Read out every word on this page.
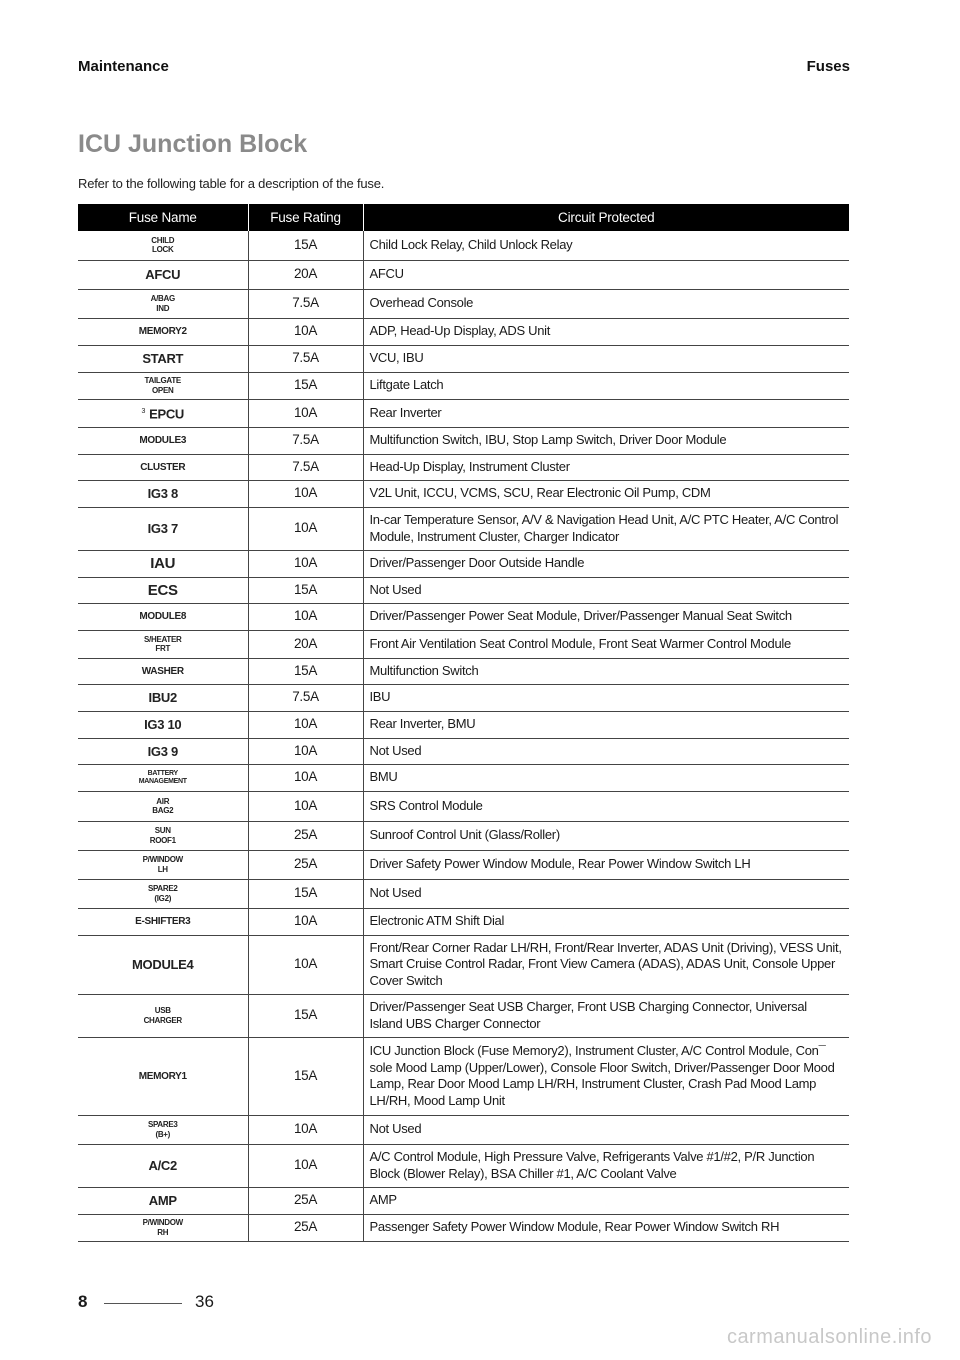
Maintenance	Fuses
ICU Junction Block
Refer to the following table for a description of the fuse.
Fuse Name	Fuse Rating	Circuit Protected
CHILD
LOCK	15A	Child Lock Relay, Child Unlock Relay
AFCU	20A	AFCU
A/BAG
IND	7.5A	Overhead Console
MEMORY2	10A	ADP, Head-Up Display, ADS Unit
START	7.5A	VCU, IBU
TAILGATE
OPEN	15A	Liftgate Latch
$^3$ EPCU	10A	Rear Inverter
MODULE3	7.5A	Multifunction Switch, IBU, Stop Lamp Switch, Driver Door Module
CLUSTER	7.5A	Head-Up Display, Instrument Cluster
IG3 8	10A	V2L Unit, ICCU, VCMS, SCU, Rear Electronic Oil Pump, CDM
IG3 7	10A	In-car Temperature Sensor, A/V & Navigation Head Unit, A/C PTC Heater, A/C Control Module, Instrument Cluster, Charger Indicator
IAU	10A	Driver/Passenger Door Outside Handle
ECS	15A	Not Used
MODULE8	10A	Driver/Passenger Power Seat Module, Driver/Passenger Manual Seat Switch
S/HEATER
FRT	20A	Front Air Ventilation Seat Control Module, Front Seat Warmer Control Module
WASHER	15A	Multifunction Switch
IBU2	7.5A	IBU
IG3 10	10A	Rear Inverter, BMU
IG3 9	10A	Not Used
BATTERY
MANAGEMENT	10A	BMU
AIR
BAG2	10A	SRS Control Module
SUN
ROOF1	25A	Sunroof Control Unit (Glass/Roller)
P/WINDOW
LH	25A	Driver Safety Power Window Module, Rear Power Window Switch LH
SPARE2
(IG2)	15A	Not Used
E-SHIFTER3	10A	Electronic ATM Shift Dial
MODULE4	10A	Front/Rear Corner Radar LH/RH, Front/Rear Inverter, ADAS Unit (Driving), VESS Unit, Smart Cruise Control Radar, Front View Camera (ADAS), ADAS Unit, Console Upper Cover Switch
USB
CHARGER	15A	Driver/Passenger Seat USB Charger, Front USB Charging Connector, Universal Island UBS Charger Connector
MEMORY1	15A	ICU Junction Block (Fuse Memory2), Instrument Cluster, A/C Control Module, Con¯ sole Mood Lamp (Upper/Lower), Console Floor Switch, Driver/Passenger Door Mood Lamp, Rear Door Mood Lamp LH/RH, Instrument Cluster, Crash Pad Mood Lamp LH/RH, Mood Lamp Unit
SPARE3
(B+)	10A	Not Used
A/C2	10A	A/C Control Module, High Pressure Valve, Refrigerants Valve #1/#2, P/R Junction Block (Blower Relay), BSA Chiller #1, A/C Coolant Valve
AMP	25A	AMP
P/WINDOW
RH	25A	Passenger Safety Power Window Module, Rear Power Window Switch RH
8	36
carmanualsonline.info
